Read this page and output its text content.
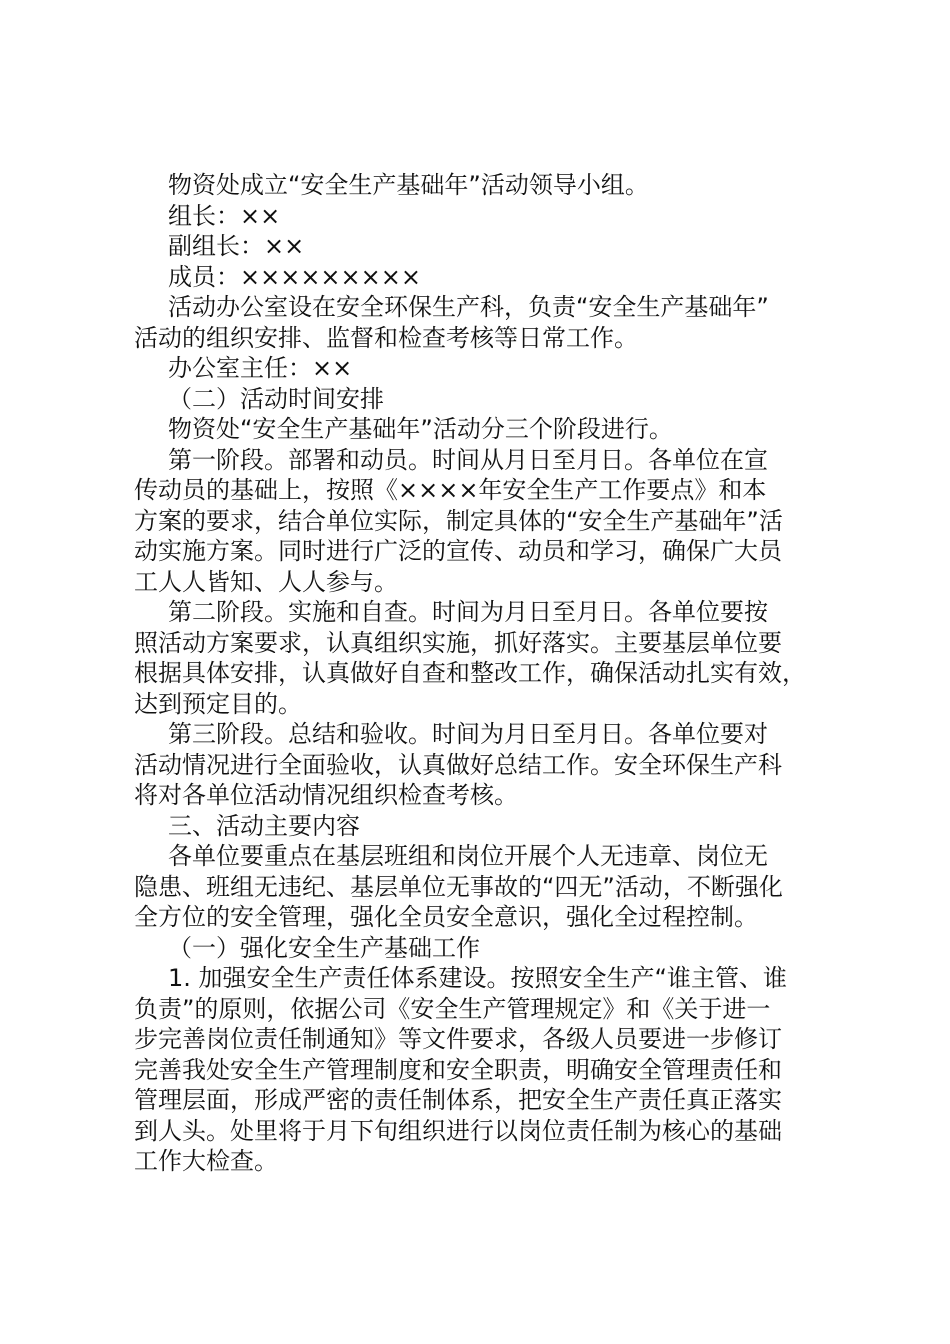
物资处成立“安全生产基础年”活动领导小组。
组长：××
副组长：××
成员：×××××××××
活动办公室设在安全环保生产科，负责“安全生产基础年”
活动的组织安排、监督和检查考核等日常工作。
办公室主任：××
（二）活动时间安排
物资处“安全生产基础年”活动分三个阶段进行。
第一阶段。部署和动员。时间从月日至月日。各单位在宣
传动员的基础上，按照《××××年安全生产工作要点》和本
方案的要求，结合单位实际，制定具体的“安全生产基础年”活
动实施方案。同时进行广泛的宣传、动员和学习，确保广大员
工人人皆知、人人参与。
第二阶段。实施和自查。时间为月日至月日。各单位要按
照活动方案要求，认真组织实施，抓好落实。主要基层单位要
根据具体安排，认真做好自查和整改工作，确保活动扎实有效，
达到预定目的。
第三阶段。总结和验收。时间为月日至月日。各单位要对
活动情况进行全面验收，认真做好总结工作。安全环保生产科
将对各单位活动情况组织检查考核。
三、活动主要内容
各单位要重点在基层班组和岗位开展个人无违章、岗位无
隐患、班组无违纪、基层单位无事故的“四无”活动，不断强化
全方位的安全管理，强化全员安全意识，强化全过程控制。
（一）强化安全生产基础工作
1. 加强安全生产责任体系建设。按照安全生产“谁主管、谁
负责”的原则，依据公司《安全生产管理规定》和《关于进一
步完善岗位责任制通知》等文件要求，各级人员要进一步修订
完善我处安全生产管理制度和安全职责，明确安全管理责任和
管理层面，形成严密的责任制体系，把安全生产责任真正落实
到人头。处里将于月下旬组织进行以岗位责任制为核心的基础
工作大检查。
